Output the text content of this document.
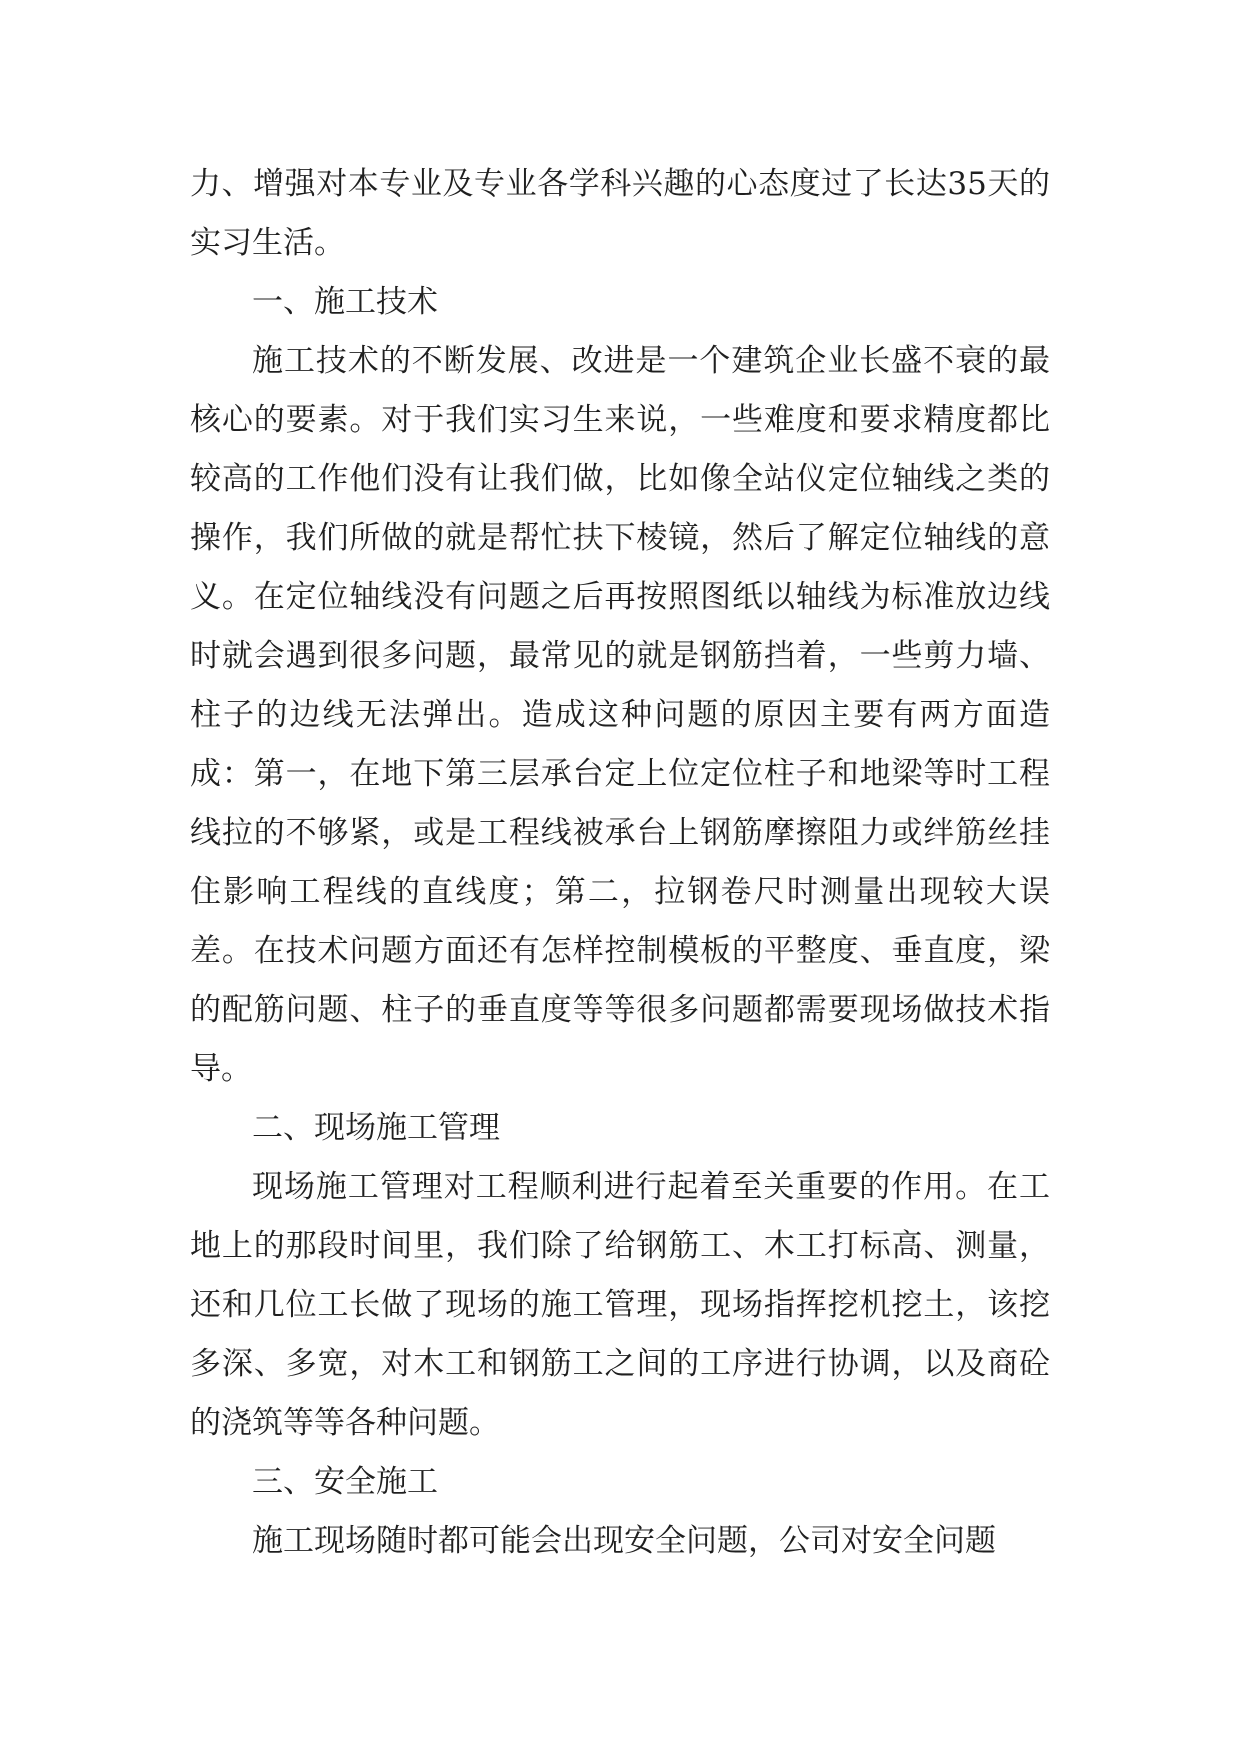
力、增强对本专业及专业各学科兴趣的心态度过了长达35天的实习生活。

一、施工技术

施工技术的不断发展、改进是一个建筑企业长盛不衰的最核心的要素。对于我们实习生来说，一些难度和要求精度都比较高的工作他们没有让我们做，比如像全站仪定位轴线之类的操作，我们所做的就是帮忙扶下棱镜，然后了解定位轴线的意义。在定位轴线没有问题之后再按照图纸以轴线为标准放边线时就会遇到很多问题，最常见的就是钢筋挡着，一些剪力墙、柱子的边线无法弹出。造成这种问题的原因主要有两方面造成：第一，在地下第三层承台定上位定位柱子和地梁等时工程线拉的不够紧，或是工程线被承台上钢筋摩擦阻力或绊筋丝挂住影响工程线的直线度；第二，拉钢卷尺时测量出现较大误差。在技术问题方面还有怎样控制模板的平整度、垂直度，梁的配筋问题、柱子的垂直度等等很多问题都需要现场做技术指导。

二、现场施工管理

现场施工管理对工程顺利进行起着至关重要的作用。在工地上的那段时间里，我们除了给钢筋工、木工打标高、测量，还和几位工长做了现场的施工管理，现场指挥挖机挖土，该挖多深、多宽，对木工和钢筋工之间的工序进行协调，以及商砼的浇筑等等各种问题。

三、安全施工

施工现场随时都可能会出现安全问题，公司对安全问题
